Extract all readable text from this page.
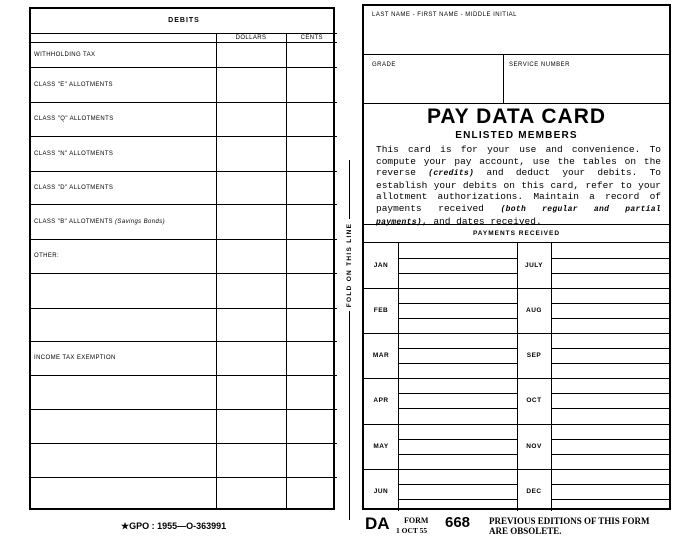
DEBITS		
	DOLLARS	CENTS
WITHHOLDING TAX		
CLASS "E" ALLOTMENTS		
CLASS "Q" ALLOTMENTS		
CLASS "N" ALLOTMENTS		
CLASS "D" ALLOTMENTS		
CLASS "B" ALLOTMENTS (Savings Bonds)		
OTHER:		

INCOME TAX EXEMPTION		

FOLD ON THIS LINE
LAST NAME - FIRST NAME - MIDDLE INITIAL
GRADE	SERVICE NUMBER
PAY DATA CARD
ENLISTED MEMBERS
This card is for your use and convenience. To compute your pay account, use the tables on the reverse (credits) and deduct your debits. To establish your debits on this card, refer to your allotment authorizations. Maintain a record of payments received (both regular and partial payments), and dates received.
PAYMENTS RECEIVED
JAN	JULY
FEB	AUG
MAR	SEP
APR	OCT
MAY	NOV
JUN	DEC
★GPO : 1955—O-363991	DA FORM
1 OCT 55 668 PREVIOUS EDITIONS OF THIS FORM ARE OBSOLETE.
